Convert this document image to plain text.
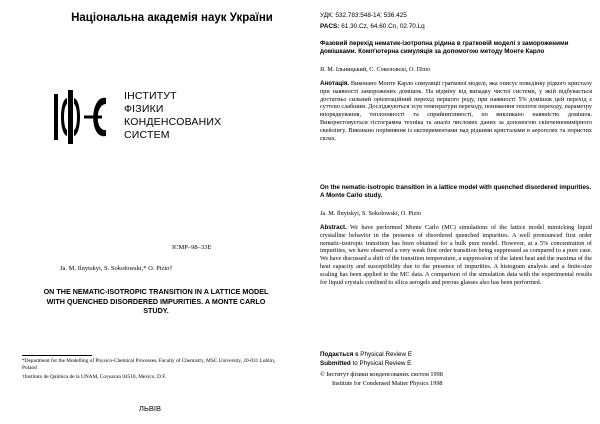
Національна академія наук України
ІНСТИТУТ
ФІЗИКИ
КОНДЕНСОВАНИХ
СИСТЕМ
ICMP–98–33E
Ja. M. Ilnytskyi, S. Sokołowski,* O. Pizio†
ON THE NEMATIC-ISOTROPIC TRANSITION IN A LATTICE MODEL WITH QUENCHED DISORDERED IMPURITIES. A MONTE CARLO STUDY.
*Department for the Modelling of Physico-Chemical Processes, Faculty of Chemistry, MSC University, 20-031 Lublin, Poland
†Instituto de Química de la UNAM, Coyoacan 04510, Mexico, D.F.
ЛЬВІВ
УДК: 532.783:548-14; 536.425
PACS: 61.30.Cz, 64.60.Cn, 02.70.Lq
Фазовий перехід нематик-ізотропна рідина в гратковій моделі з замороженими домішками. Комп'ютерна симуляція за допомогою методу Монте Карло
Я. М. Ільницький, С. Соколовскі, О. Пізіо
Анотація. Виконано Монте Карло симуляції граткової моделі, яка описує поведінку рідкого кристалу при наявності заморожених домішок. На відміну від випадку чистої системи, у якій відбувається достатньо сильний орієнтаційний перехід першого роду, при наявності 5% домішок цей перехід є суттєво слабшим. Досліджуються зсув температури переходу, пониження теплоти переходу, параметру впорядкування, теплоємності та сприйнятливості, по викликано наявністю домішок. Використовується гістограмна техніка та аналіз числових даних за допомогою скінченновимірного скейлінгу. Виконано порівняння із експериментами над рідкими кристалами в аерогелях та пористих склах.
On the nematic-isotropic transition in a lattice model with quenched disordered impurities. A Monte Carlo study.
Ja. M. Ilnytskyi, S. Sokołowski, O. Pizio
Abstract. We have performed Monte Carlo (MC) simulations of the lattice model mimicking liquid crystalline behavior in the presence of disordered quenched impurities. A well pronounced first order nematic-isotropic transition has been obtained for a bulk pure model. However, at a 5% concentration of impurities, we have observed a very weak first order transition being suppressed as compared to a pure case. We have discussed a shift of the transition temperature, a suppression of the latent heat and the maxima of the heat capacity and susceptibility due to the presence of impurities. A histogram analysis and a finite-size scaling has been applied to the MC data. A comparison of the simulation data with the experimental results for liquid crystals confined to silica aerogels and porous glasses also has been performed.
Подається в Physical Review E
Submitted to Physical Review E
© Інститут фізики конденсованих систем 1998
Institute for Condensed Matter Physics 1998
